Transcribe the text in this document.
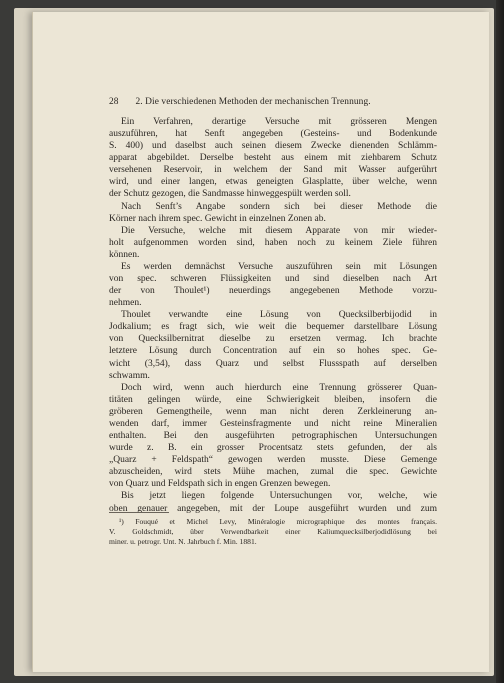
28 2. Die verschiedenen Methoden der mechanischen Trennung.
Ein Verfahren, derartige Versuche mit grösseren Mengen
auszuführen, hat Senft angegeben (Gesteins- und Bodenkunde
S. 400) und daselbst auch seinen diesem Zwecke dienenden Schlämm-
apparat abgebildet. Derselbe besteht aus einem mit ziehbarem Schutz
versehenen Reservoir, in welchem der Sand mit Wasser aufgerührt
wird, und einer langen, etwas geneigten Glasplatte, über welche, wenn
der Schutz gezogen, die Sandmasse hinweggespült werden soll.
Nach Senft’s Angabe sondern sich bei dieser Methode die
Körner nach ihrem spec. Gewicht in einzelnen Zonen ab.
Die Versuche, welche mit diesem Apparate von mir wieder-
holt aufgenommen worden sind, haben noch zu keinem Ziele führen
können.
Es werden demnächst Versuche auszuführen sein mit Lösungen
von spec. schweren Flüssigkeiten und sind dieselben nach Art
der von Thoulet¹) neuerdings angegebenen Methode vorzu-
nehmen.
Thoulet verwandte eine Lösung von Quecksilberbijodid in
Jodkalium; es fragt sich, wie weit die bequemer darstellbare Lösung
von Quecksilbernitrat dieselbe zu ersetzen vermag. Ich brachte
letztere Lösung durch Concentration auf ein so hohes spec. Ge-
wicht (3,54), dass Quarz und selbst Flussspath auf derselben
schwamm.
Doch wird, wenn auch hierdurch eine Trennung grösserer Quan-
titäten gelingen würde, eine Schwierigkeit bleiben, insofern die
gröberen Gemengtheile, wenn man nicht deren Zerkleinerung an-
wenden darf, immer Gesteinsfragmente und nicht reine Mineralien
enthalten. Bei den ausgeführten petrographischen Untersuchungen
wurde z. B. ein grosser Procentsatz stets gefunden, der als
„Quarz + Feldspath“ gewogen werden musste. Diese Gemenge
abzuscheiden, wird stets Mühe machen, zumal die spec. Gewichte
von Quarz und Feldspath sich in engen Grenzen bewegen.
Bis jetzt liegen folgende Untersuchungen vor, welche, wie
oben genauer angegeben, mit der Loupe ausgeführt wurden und zum
¹) Fouqué et Michel Levy, Minéralogie micrographique des montes français.
V. Goldschmidt, über Verwendbarkeit einer Kaliumquecksilberjodidlösung bei
miner. u. petrogr. Unt. N. Jahrbuch f. Min. 1881.
